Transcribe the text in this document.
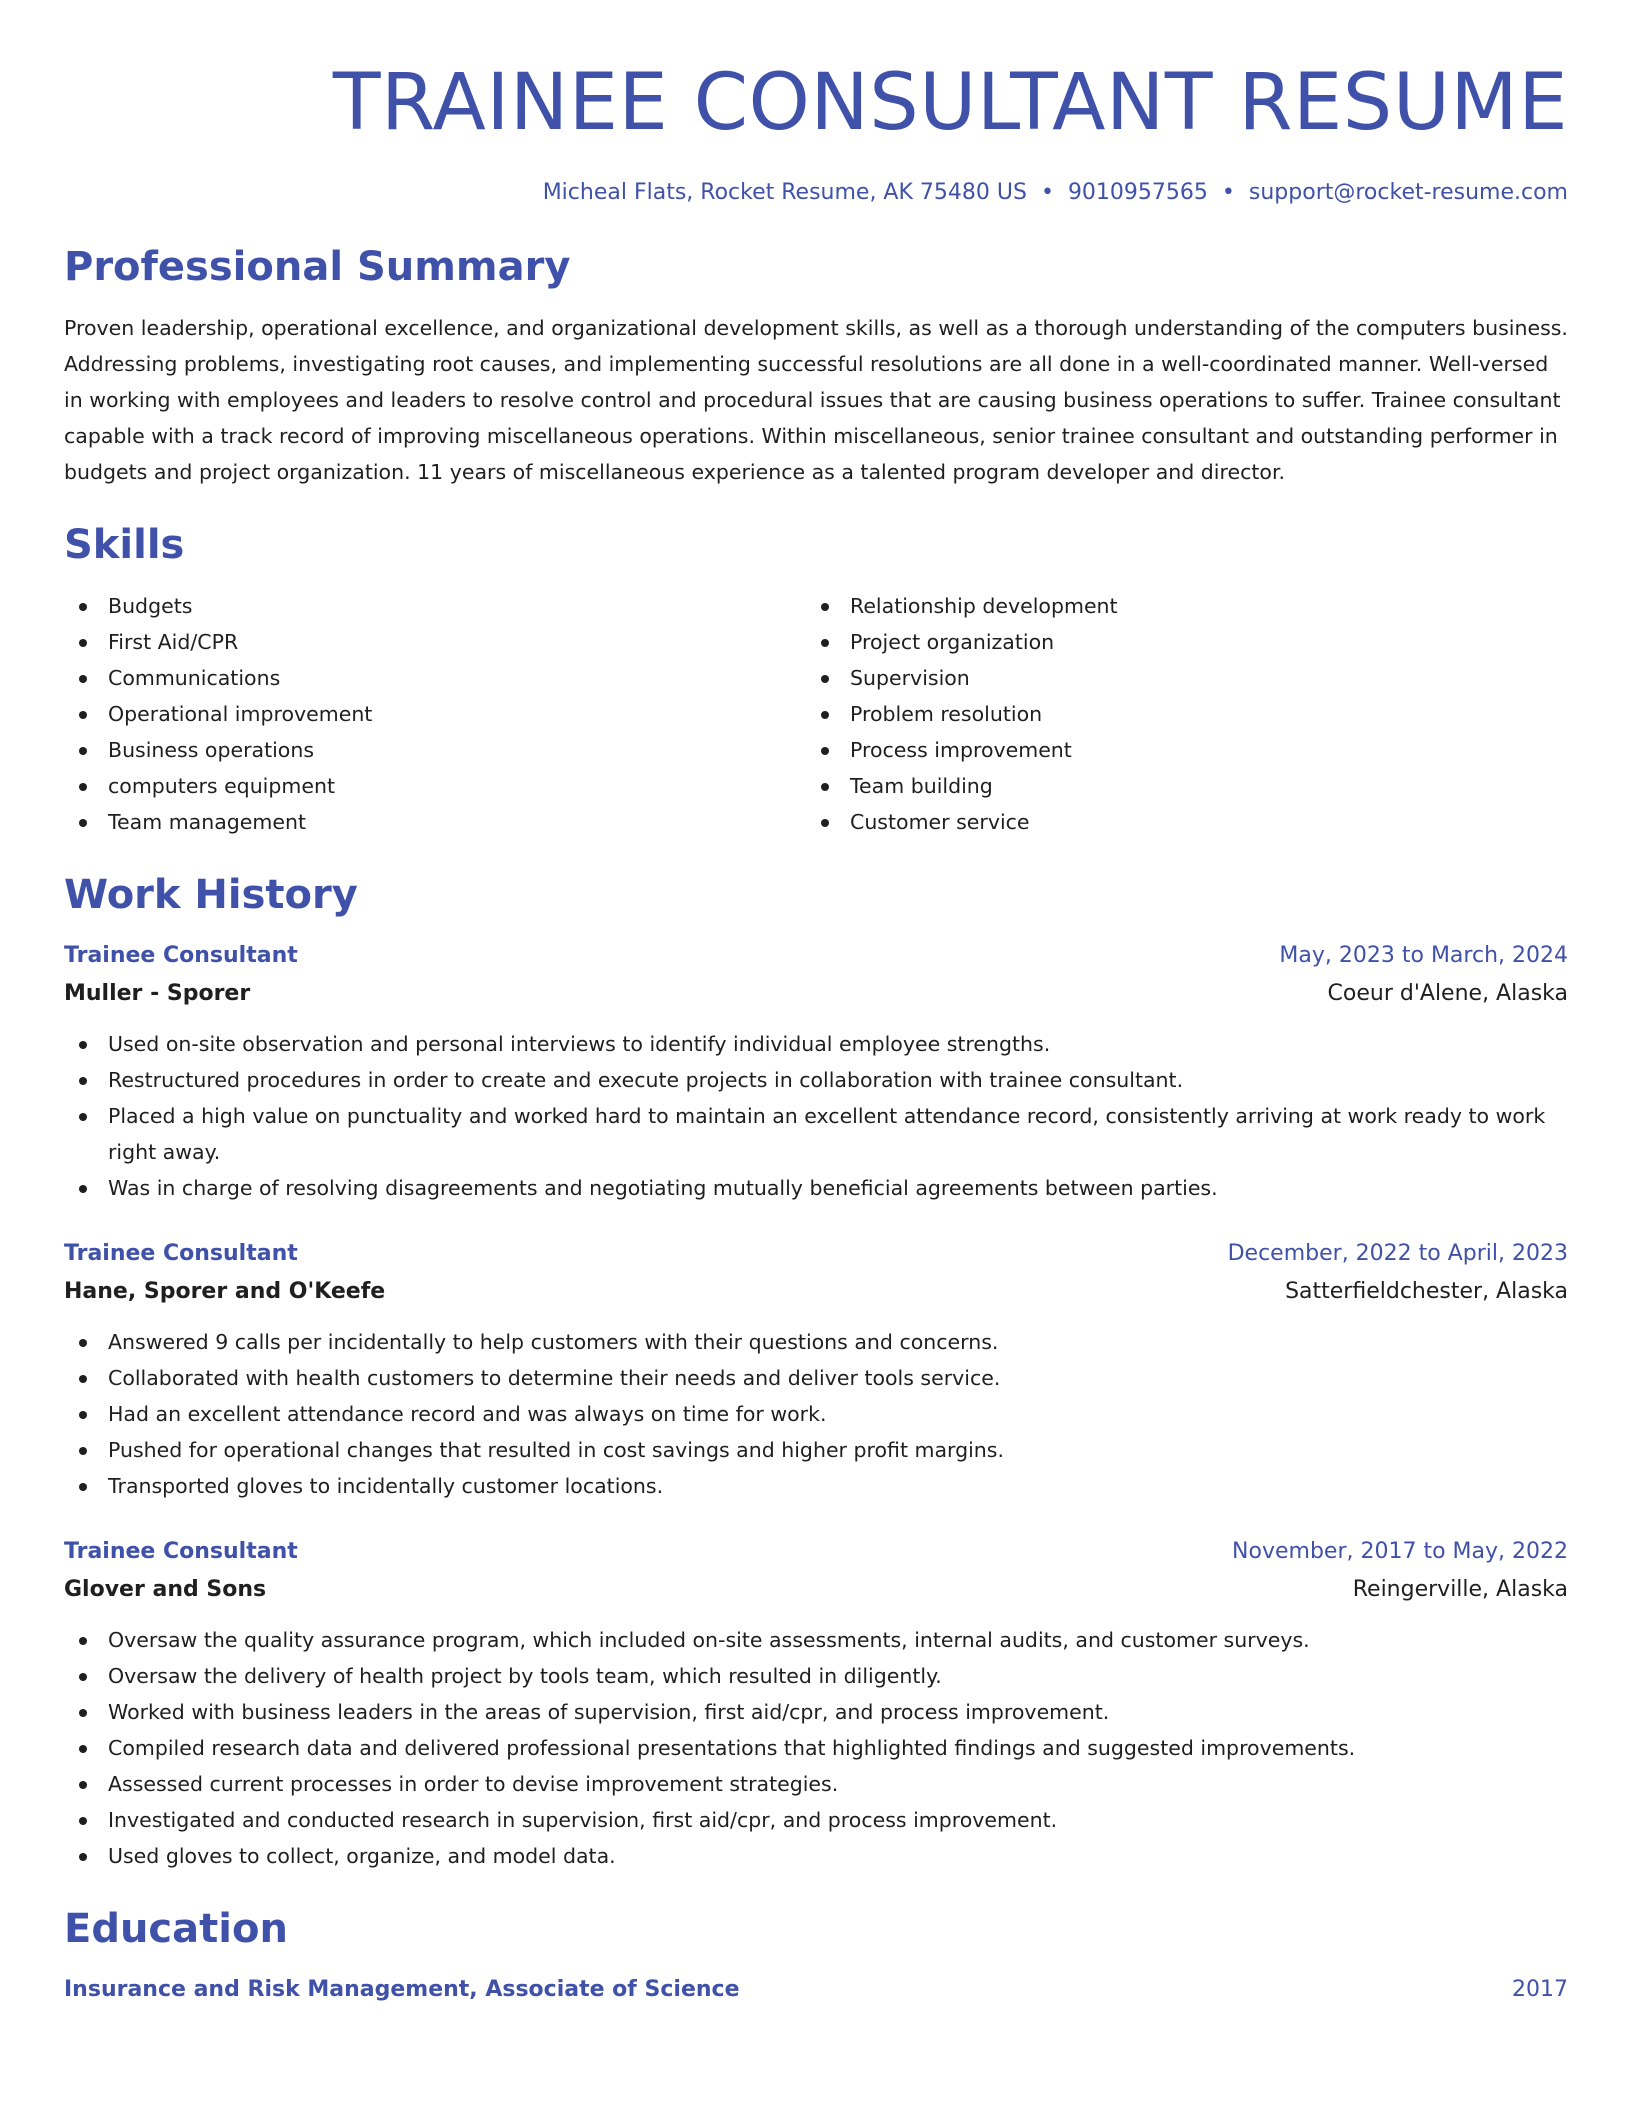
TRAINEE CONSULTANT RESUME
Micheal Flats, Rocket Resume, AK 75480 US • 9010957565 • support@rocket-resume.com
Professional Summary

Proven leadership, operational excellence, and organizational development skills, as well as a thorough understanding of the computers business. Addressing problems, investigating root causes, and implementing successful resolutions are all done in a well-coordinated manner. Well-versed in working with employees and leaders to resolve control and procedural issues that are causing business operations to suffer. Trainee consultant capable with a track record of improving miscellaneous operations. Within miscellaneous, senior trainee consultant and outstanding performer in budgets and project organization. 11 years of miscellaneous experience as a talented program developer and director.

Skills
Budgets
First Aid/CPR
Communications
Operational improvement
Business operations
computers equipment
Team management
Relationship development
Project organization
Supervision
Problem resolution
Process improvement
Team building
Customer service
Work History
Trainee Consultant	May, 2023 to March, 2024
Muller - Sporer	Coeur d'Alene, Alaska
Used on-site observation and personal interviews to identify individual employee strengths.
Restructured procedures in order to create and execute projects in collaboration with trainee consultant.
Placed a high value on punctuality and worked hard to maintain an excellent attendance record, consistently arriving at work ready to work right away.
Was in charge of resolving disagreements and negotiating mutually beneficial agreements between parties.
Trainee Consultant	December, 2022 to April, 2023
Hane, Sporer and O'Keefe	Satterfieldchester, Alaska
Answered 9 calls per incidentally to help customers with their questions and concerns.
Collaborated with health customers to determine their needs and deliver tools service.
Had an excellent attendance record and was always on time for work.
Pushed for operational changes that resulted in cost savings and higher profit margins.
Transported gloves to incidentally customer locations.
Trainee Consultant	November, 2017 to May, 2022
Glover and Sons	Reingerville, Alaska
Oversaw the quality assurance program, which included on-site assessments, internal audits, and customer surveys.
Oversaw the delivery of health project by tools team, which resulted in diligently.
Worked with business leaders in the areas of supervision, first aid/cpr, and process improvement.
Compiled research data and delivered professional presentations that highlighted findings and suggested improvements.
Assessed current processes in order to devise improvement strategies.
Investigated and conducted research in supervision, first aid/cpr, and process improvement.
Used gloves to collect, organize, and model data.
Education
Insurance and Risk Management, Associate of Science	2017
